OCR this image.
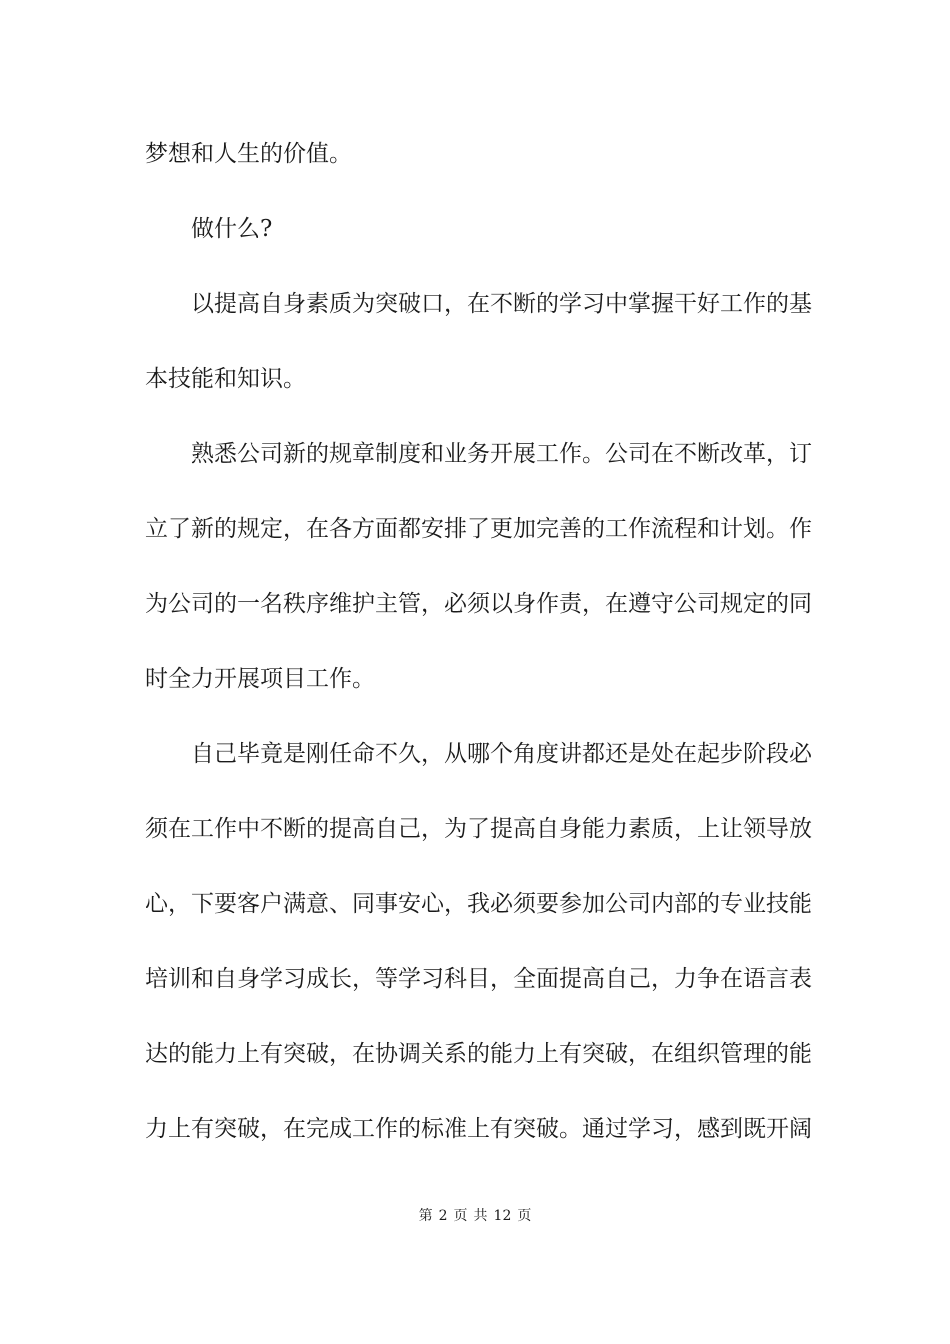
梦想和人生的价值。
做什么?
以提高自身素质为突破口，在不断的学习中掌握干好工作的基
本技能和知识。
熟悉公司新的规章制度和业务开展工作。公司在不断改革，订
立了新的规定，在各方面都安排了更加完善的工作流程和计划。作
为公司的一名秩序维护主管，必须以身作责，在遵守公司规定的同
时全力开展项目工作。
自己毕竟是刚任命不久，从哪个角度讲都还是处在起步阶段必
须在工作中不断的提高自己，为了提高自身能力素质，上让领导放
心，下要客户满意、同事安心，我必须要参加公司内部的专业技能
培训和自身学习成长，等学习科目，全面提高自己，力争在语言表
达的能力上有突破，在协调关系的能力上有突破，在组织管理的能
力上有突破，在完成工作的标准上有突破。通过学习，感到既开阔
第 2 页 共 12 页
